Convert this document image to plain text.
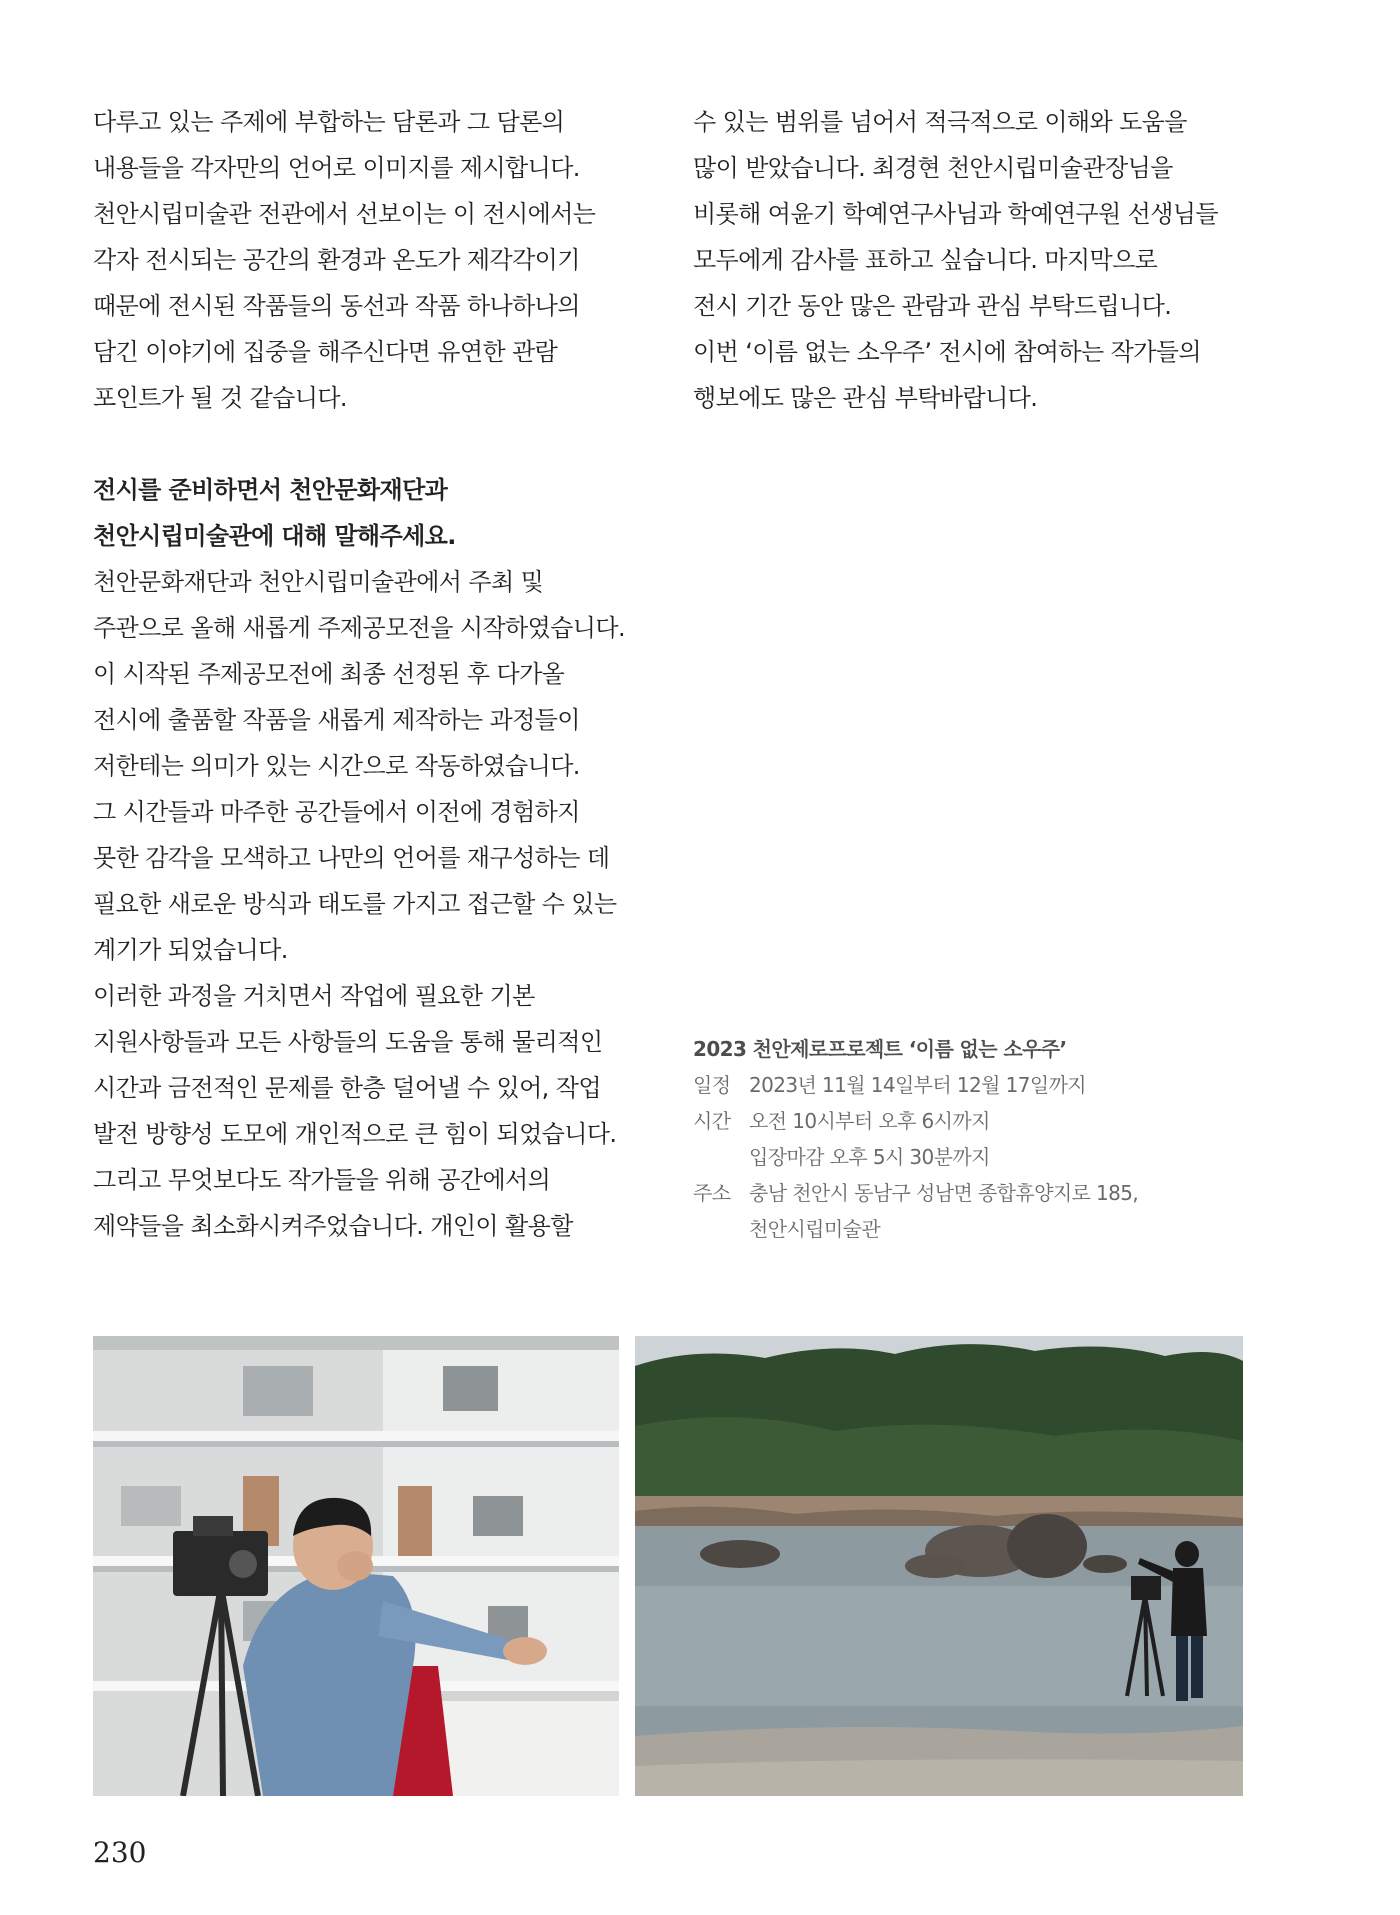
다루고 있는 주제에 부합하는 담론과 그 담론의
내용들을 각자만의 언어로 이미지를 제시합니다.
천안시립미술관 전관에서 선보이는 이 전시에서는
각자 전시되는 공간의 환경과 온도가 제각각이기
때문에 전시된 작품들의 동선과 작품 하나하나의
담긴 이야기에 집중을 해주신다면 유연한 관람
포인트가 될 것 같습니다.
전시를 준비하면서 천안문화재단과
천안시립미술관에 대해 말해주세요.
천안문화재단과 천안시립미술관에서 주최 및
주관으로 올해 새롭게 주제공모전을 시작하였습니다.
이 시작된 주제공모전에 최종 선정된 후 다가올
전시에 출품할 작품을 새롭게 제작하는 과정들이
저한테는 의미가 있는 시간으로 작동하였습니다.
그 시간들과 마주한 공간들에서 이전에 경험하지
못한 감각을 모색하고 나만의 언어를 재구성하는 데
필요한 새로운 방식과 태도를 가지고 접근할 수 있는
계기가 되었습니다.
이러한 과정을 거치면서 작업에 필요한 기본
지원사항들과 모든 사항들의 도움을 통해 물리적인
시간과 금전적인 문제를 한층 덜어낼 수 있어, 작업
발전 방향성 도모에 개인적으로 큰 힘이 되었습니다.
그리고 무엇보다도 작가들을 위해 공간에서의
제약들을 최소화시켜주었습니다. 개인이 활용할
수 있는 범위를 넘어서 적극적으로 이해와 도움을
많이 받았습니다. 최경현 천안시립미술관장님을
비롯해 여윤기 학예연구사님과 학예연구원 선생님들
모두에게 감사를 표하고 싶습니다. 마지막으로
전시 기간 동안 많은 관람과 관심 부탁드립니다.
이번 ‘이름 없는 소우주’ 전시에 참여하는 작가들의
행보에도 많은 관심 부탁바랍니다.
2023 천안제로프로젝트 ‘이름 없는 소우주’
일정 2023년 11월 14일부터 12월 17일까지
시간 오전 10시부터 오후 6시까지
입장마감 오후 5시 30분까지
주소 충남 천안시 동남구 성남면 종합휴양지로 185,
천안시립미술관
230
